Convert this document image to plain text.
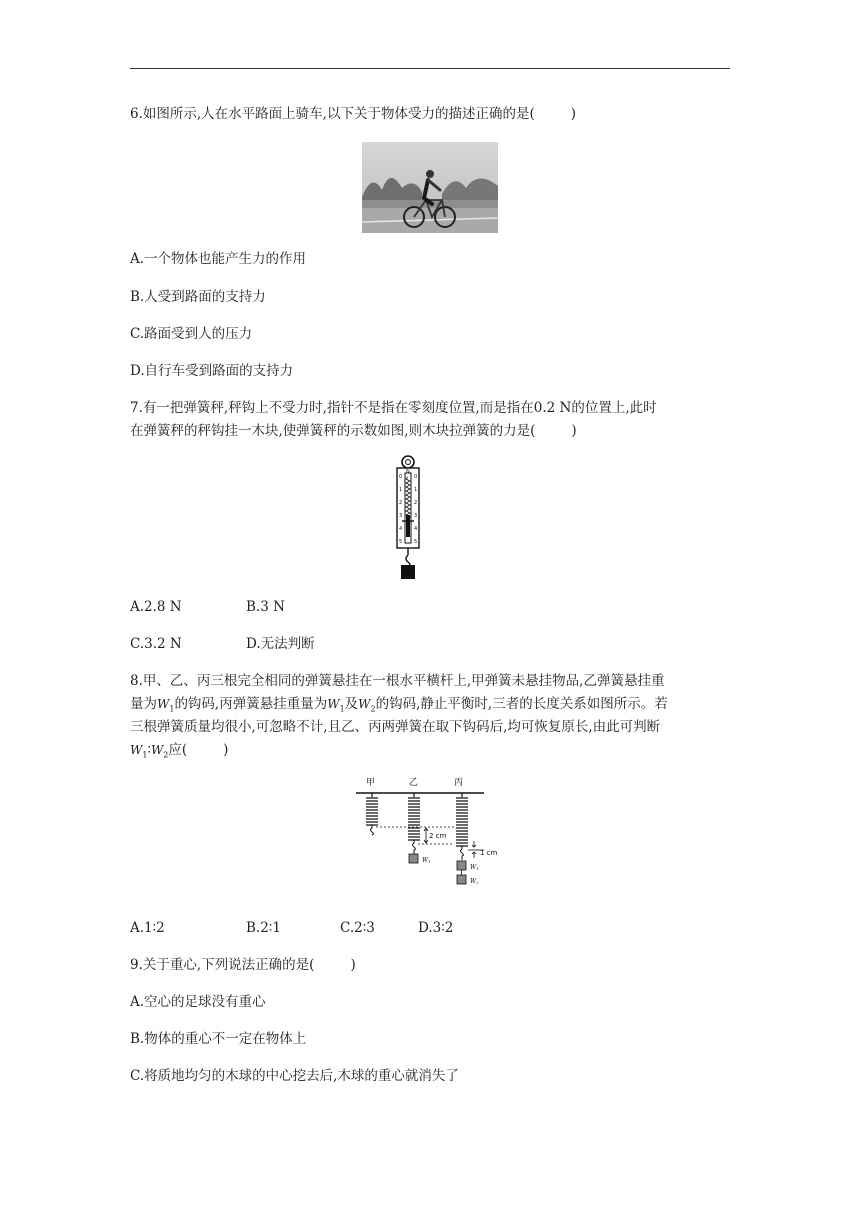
6.如图所示,人在水平路面上骑车,以下关于物体受力的描述正确的是(	)
A.一个物体也能产生力的作用
B.人受到路面的支持力
C.路面受到人的压力
D.自行车受到路面的支持力
7.有一把弹簧秤,秤钩上不受力时,指针不是指在零刻度位置,而是指在0.2 N的位置上,此时
在弹簧秤的秤钩挂一木块,使弹簧秤的示数如图,则木块拉弹簧的力是(	)
0
1
2
3
4
5
0
1
2
3
4
5
N
A.2.8 N	B.3 N
C.3.2 N	D.无法判断
8.甲、乙、丙三根完全相同的弹簧悬挂在一根水平横杆上,甲弹簧未悬挂物品,乙弹簧悬挂重
量为$W_1$的钩码,丙弹簧悬挂重量为$W_1$及$W_2$的钩码,静止平衡时,三者的长度关系如图所示。若
三根弹簧质量均很小,可忽略不计,且乙、丙两弹簧在取下钩码后,均可恢复原长,由此可判断
$W_1∶W_2$应(	)
甲	乙	丙
W1
W1
W2
2 cm
1 cm
A.1∶2	B.2∶1	C.2∶3	D.3∶2
9.关于重心,下列说法正确的是(	)
A.空心的足球没有重心
B.物体的重心不一定在物体上
C.将质地均匀的木球的中心挖去后,木球的重心就消失了
